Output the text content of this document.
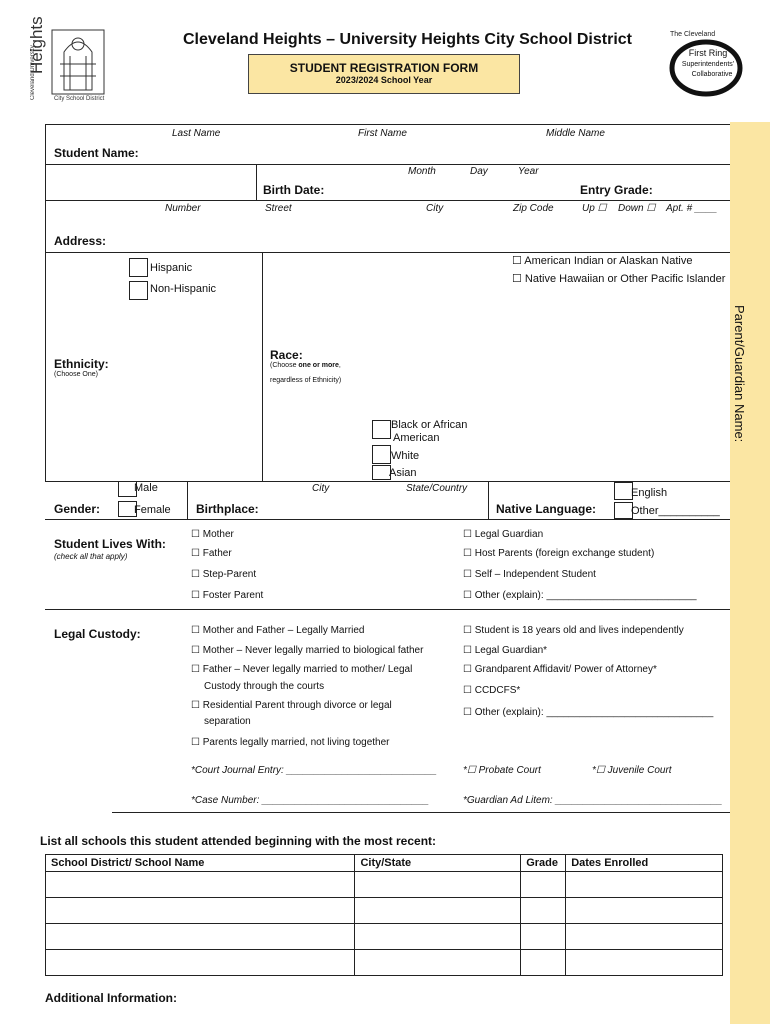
Heights
Cleveland University	City School District
The Cleveland
First Ring
Superintendents'
Collaborative
Cleveland Heights – University Heights City School District
STUDENT REGISTRATION FORM
2023/2024 School Year
Parent/Guardian Name:
Last Name	First Name	Middle Name
Student Name:
Month	Day	Year
Birth Date:	Entry Grade:
Number	Street	City	Zip Code	Up ☐ Down ☐ Apt. # ____
Address:
Hispanic
Non-Hispanic
Ethnicity:
(Choose One)
☐ American Indian or Alaskan Native
☐ Native Hawaiian or Other Pacific Islander
Race:
(Choose one or more,
regardless of Ethnicity)
Black or African
American
White
Asian
Male
Female
Gender:
City	State/Country
Birthplace:	Native Language:
English
Other__________
Student Lives With:
(check all that apply)
☐ Mother
☐ Father
☐ Step-Parent
☐ Foster Parent
☐ Legal Guardian
☐ Host Parents (foreign exchange student)
☐ Self – Independent Student
☐ Other (explain): ___________________________
Legal Custody:	☐ Mother and Father – Legally Married
☐ Mother – Never legally married to biological father
☐ Father – Never legally married to mother/ Legal
Custody through the courts
☐ Residential Parent through divorce or legal
separation
☐ Parents legally married, not living together
☐ Student is 18 years old and lives independently
☐ Legal Guardian*
☐ Grandparent Affidavit/ Power of Attorney*
☐ CCDCFS*
☐ Other (explain): ______________________________
*Court Journal Entry: ___________________________	*☐ Probate Court	*☐ Juvenile Court
*Case Number: ______________________________	*Guardian Ad Litem: ______________________________
List all schools this student attended beginning with the most recent:
School District/ School Name	City/State	Grade	Dates Enrolled

Additional Information:
